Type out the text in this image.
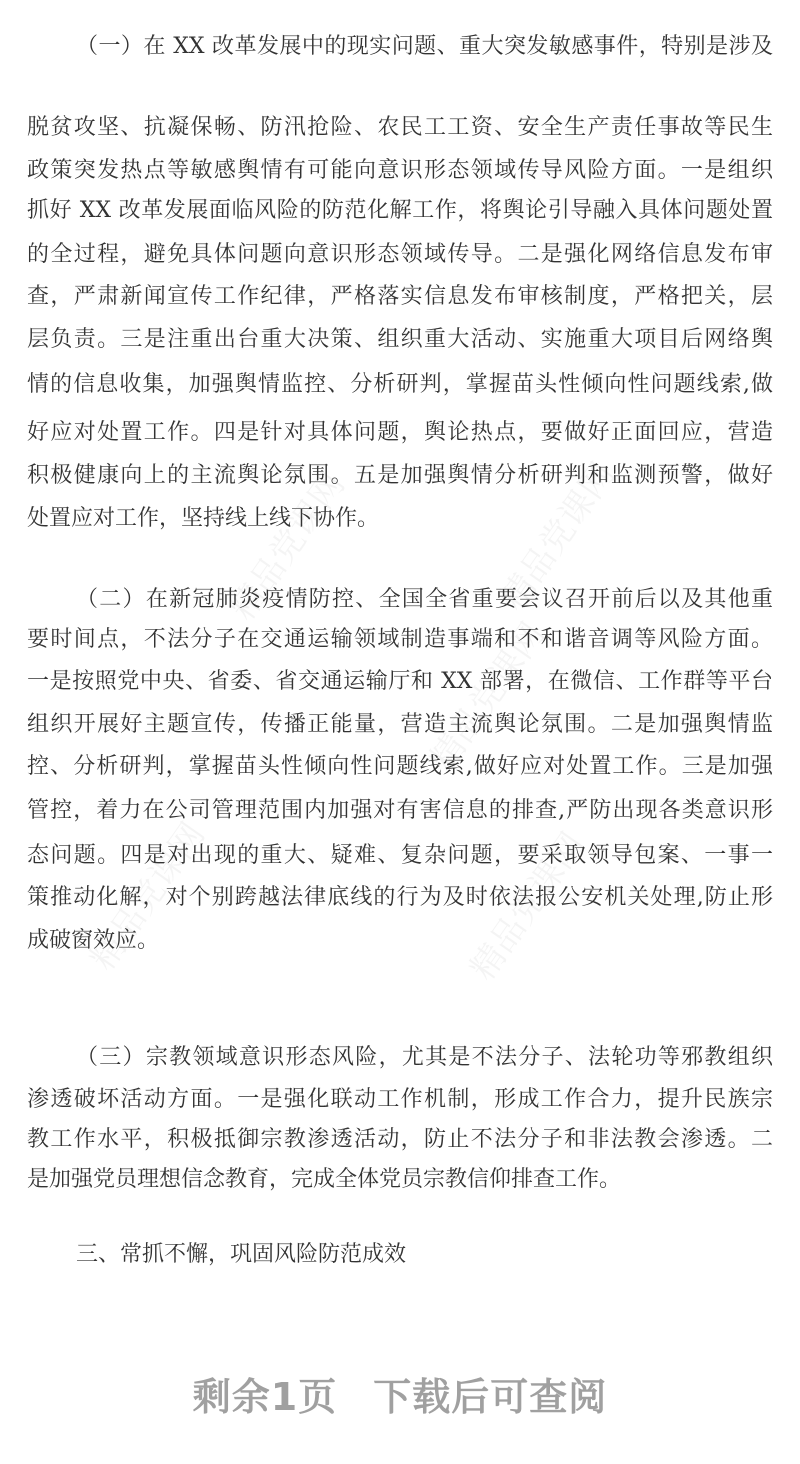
（一）在 XX 改革发展中的现实问题、重大突发敏感事件，特别是涉及
脱贫攻坚、抗凝保畅、防汛抢险、农民工工资、安全生产责任事故等民生
政策突发热点等敏感舆情有可能向意识形态领域传导风险方面。一是组织
抓好 XX 改革发展面临风险的防范化解工作，将舆论引导融入具体问题处置
的全过程，避免具体问题向意识形态领域传导。二是强化网络信息发布审
查，严肃新闻宣传工作纪律，严格落实信息发布审核制度，严格把关，层
层负责。三是注重出台重大决策、组织重大活动、实施重大项目后网络舆
情的信息收集，加强舆情监控、分析研判，掌握苗头性倾向性问题线索,做
好应对处置工作。四是针对具体问题，舆论热点，要做好正面回应，营造
积极健康向上的主流舆论氛围。五是加强舆情分析研判和监测预警，做好
处置应对工作，坚持线上线下协作。
（二）在新冠肺炎疫情防控、全国全省重要会议召开前后以及其他重
要时间点，不法分子在交通运输领域制造事端和不和谐音调等风险方面。
一是按照党中央、省委、省交通运输厅和 XX 部署，在微信、工作群等平台
组织开展好主题宣传，传播正能量，营造主流舆论氛围。二是加强舆情监
控、分析研判，掌握苗头性倾向性问题线索,做好应对处置工作。三是加强
管控，着力在公司管理范围内加强对有害信息的排查,严防出现各类意识形
态问题。四是对出现的重大、疑难、复杂问题，要采取领导包案、一事一
策推动化解，对个别跨越法律底线的行为及时依法报公安机关处理,防止形
成破窗效应。
（三）宗教领域意识形态风险，尤其是不法分子、法轮功等邪教组织
渗透破坏活动方面。一是强化联动工作机制，形成工作合力，提升民族宗
教工作水平，积极抵御宗教渗透活动，防止不法分子和非法教会渗透。二
是加强党员理想信念教育，完成全体党员宗教信仰排查工作。
三、常抓不懈，巩固风险防范成效
剩余1页 下载后可查阅
